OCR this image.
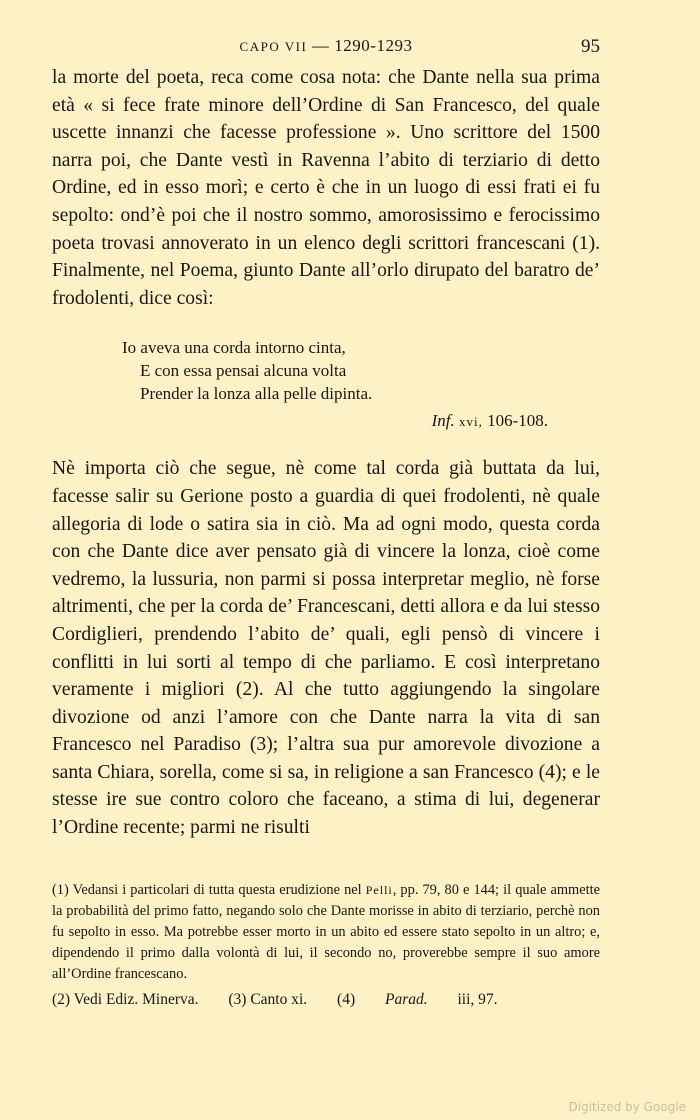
CAPO VII — 1290-1293	95

la morte del poeta, reca come cosa nota: che Dante nella sua prima età « si fece frate minore dell’Ordine di San Francesco, del quale uscette innanzi che facesse professione ». Uno scrittore del 1500 narra poi, che Dante vestì in Ravenna l’abito di terziario di detto Ordine, ed in esso morì; e certo è che in un luogo di essi frati ei fu sepolto: ond’è poi che il nostro sommo, amorosissimo e ferocissimo poeta trovasi annoverato in un elenco degli scrittori francescani (1). Finalmente, nel Poema, giunto Dante all’orlo dirupato del baratro de’ frodolenti, dice così:

Io aveva una corda intorno cinta,
E con essa pensai alcuna volta
Prender la lonza alla pelle dipinta.
Inf. xvi, 106-108.

Nè importa ciò che segue, nè come tal corda già buttata da lui, facesse salir su Gerione posto a guardia di quei frodolenti, nè quale allegoria di lode o satira sia in ciò. Ma ad ogni modo, questa corda con che Dante dice aver pensato già di vincere la lonza, cioè come vedremo, la lussuria, non parmi si possa interpretar meglio, nè forse altrimenti, che per la corda de’ Francescani, detti allora e da lui stesso Cordiglieri, prendendo l’abito de’ quali, egli pensò di vincere i conflitti in lui sorti al tempo di che parliamo. E così interpretano veramente i migliori (2). Al che tutto aggiungendo la singolare divozione od anzi l’amore con che Dante narra la vita di san Francesco nel Paradiso (3); l’altra sua pur amorevole divozione a santa Chiara, sorella, come si sa, in religione a san Francesco (4); e le stesse ire sue contro coloro che faceano, a stima di lui, degenerar l’Ordine recente; parmi ne risulti

(1) Vedansi i particolari di tutta questa erudizione nel Pelli, pp. 79, 80 e 144; il quale ammette la probabilità del primo fatto, negando solo che Dante morisse in abito di terziario, perchè non fu sepolto in esso. Ma potrebbe esser morto in un abito ed essere stato sepolto in un altro; e, dipendendo il primo dalla volontà di lui, il secondo no, proverebbe sempre il suo amore all’Ordine francescano.

(2) Vedi Ediz. Minerva. (3) Canto xi. (4) Parad. iii, 97.

Digitized by Google
